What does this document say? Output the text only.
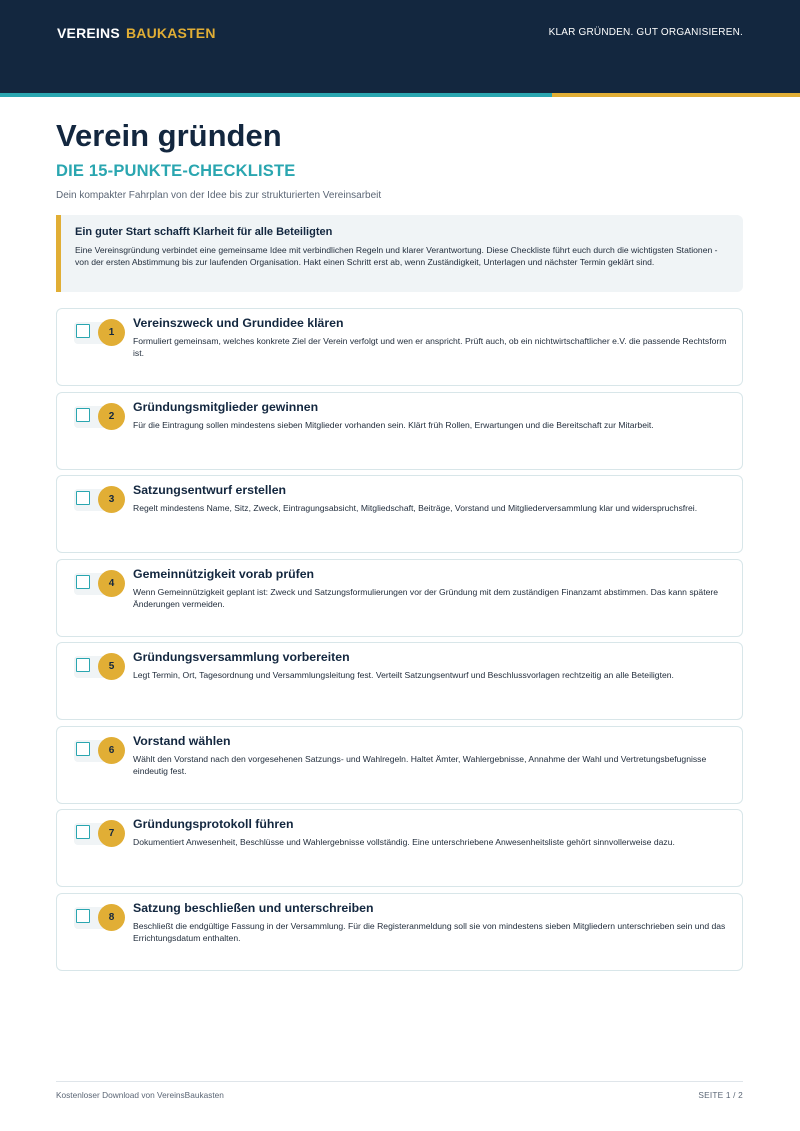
VEREINS BAUKASTEN	KLAR GRÜNDEN. GUT ORGANISIEREN.
Verein gründen
DIE 15-PUNKTE-CHECKLISTE
Dein kompakter Fahrplan von der Idee bis zur strukturierten Vereinsarbeit
Ein guter Start schafft Klarheit für alle Beteiligten
Eine Vereinsgründung verbindet eine gemeinsame Idee mit verbindlichen Regeln und klarer Verantwortung. Diese Checkliste führt euch durch die wichtigsten Stationen - von der ersten Abstimmung bis zur laufenden Organisation. Hakt einen Schritt erst ab, wenn Zuständigkeit, Unterlagen und nächster Termin geklärt sind.
1
Vereinszweck und Grundidee klären
Formuliert gemeinsam, welches konkrete Ziel der Verein verfolgt und wen er anspricht. Prüft auch, ob ein nichtwirtschaftlicher e.V. die passende Rechtsform ist.
2
Gründungsmitglieder gewinnen
Für die Eintragung sollen mindestens sieben Mitglieder vorhanden sein. Klärt früh Rollen, Erwartungen und die Bereitschaft zur Mitarbeit.
3
Satzungsentwurf erstellen
Regelt mindestens Name, Sitz, Zweck, Eintragungsabsicht, Mitgliedschaft, Beiträge, Vorstand und Mitgliederversammlung klar und widerspruchsfrei.
4
Gemeinnützigkeit vorab prüfen
Wenn Gemeinnützigkeit geplant ist: Zweck und Satzungsformulierungen vor der Gründung mit dem zuständigen Finanzamt abstimmen. Das kann spätere Änderungen vermeiden.
5
Gründungsversammlung vorbereiten
Legt Termin, Ort, Tagesordnung und Versammlungsleitung fest. Verteilt Satzungsentwurf und Beschlussvorlagen rechtzeitig an alle Beteiligten.
6
Vorstand wählen
Wählt den Vorstand nach den vorgesehenen Satzungs- und Wahlregeln. Haltet Ämter, Wahlergebnisse, Annahme der Wahl und Vertretungsbefugnisse eindeutig fest.
7
Gründungsprotokoll führen
Dokumentiert Anwesenheit, Beschlüsse und Wahlergebnisse vollständig. Eine unterschriebene Anwesenheitsliste gehört sinnvollerweise dazu.
8
Satzung beschließen und unterschreiben
Beschließt die endgültige Fassung in der Versammlung. Für die Registeranmeldung soll sie von mindestens sieben Mitgliedern unterschrieben sein und das Errichtungsdatum enthalten.
Kostenloser Download von VereinsBaukasten	SEITE 1 / 2
